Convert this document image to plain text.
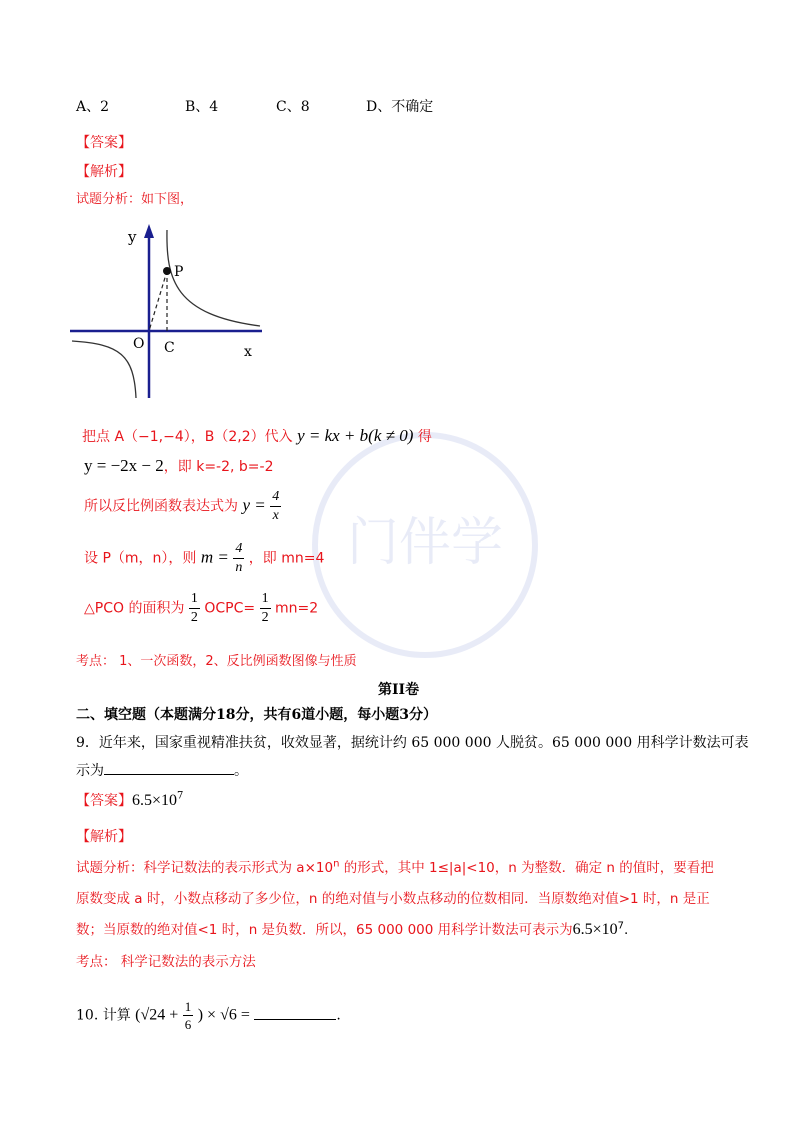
A、2	B、4	C、8	D、不确定
【答案】
【解析】
试题分析：如下图，
y
P
O C	x
门伴学
把点 A（−1,−4），B（2,2）代入 y = kx + b(k ≠ 0) 得
y = −2x − 2，即 k=-2, b=-2
所以反比例函数表达式为 $y = \frac{4}{x}$
设 P（m，n），则 $m = \frac{4}{n}$ ，即 mn=4
△PCO 的面积为 $\frac{1}{2}$ OCPC= $\frac{1}{2} mn=2$
考点： 1、一次函数，2、反比例函数图像与性质
第II卷
二、填空题（本题满分18分，共有6道小题，每小题3分）
9．近年来，国家重视精准扶贫，收效显著，据统计约 65 000 000 人脱贫。65 000 000 用科学计数法可表
示为	。
【答案】$6.5\times 10^7$
【解析】
试题分析：科学记数法的表示形式为 $a\times 10^n$ 的形式，其中 1≤|a|<10，n 为整数．确定 n 的值时，要看把
原数变成 a 时，小数点移动了多少位，n 的绝对值与小数点移动的位数相同．当原数绝对值>1 时，n 是正
数；当原数的绝对值<1 时，n 是负数．所以，65 000 000 用科学计数法可表示为$6.5\times 10^7$.
考点： 科学记数法的表示方法
10. 计算 ($√24 + \frac{1}{6}$ ) × √6 =	.
